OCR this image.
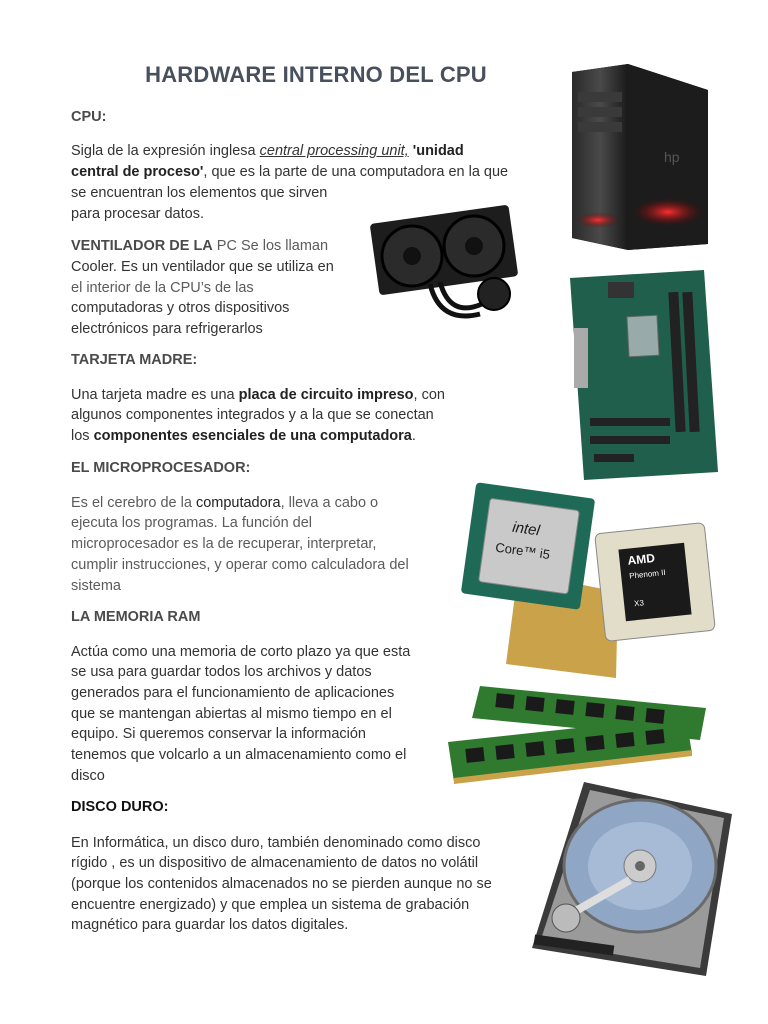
HARDWARE INTERNO DEL CPU
CPU:
Sigla de la expresión inglesa central processing unit, 'unidad
central de proceso', que es la parte de una computadora en la que
se encuentran los elementos que sirven
para procesar datos.
VENTILADOR DE LA PC Se los llaman
Cooler. Es un ventilador que se utiliza en
el interior de la CPU’s de las
computadoras y otros dispositivos
electrónicos para refrigerarlos
TARJETA MADRE:
Una tarjeta madre es una placa de circuito impreso, con
algunos componentes integrados y a la que se conectan
los componentes esenciales de una computadora.
EL MICROPROCESADOR:
Es el cerebro de la computadora, lleva a cabo o
ejecuta los programas. La función del
microprocesador es la de recuperar, interpretar,
cumplir instrucciones, y operar como calculadora del
sistema
LA MEMORIA RAM
Actúa como una memoria de corto plazo ya que esta
se usa para guardar todos los archivos y datos
generados para el funcionamiento de aplicaciones
que se mantengan abiertas al mismo tiempo en el
equipo. Si queremos conservar la información
tenemos que volcarlo a un almacenamiento como el
disco
DISCO DURO:
En Informática, un disco duro, también denominado como disco
rígido , es un dispositivo de almacenamiento de datos no volátil
(porque los contenidos almacenados no se pierden aunque no se
encuentre energizado) y que emplea un sistema de grabación
magnético para guardar los datos digitales.
hp
intel
Core™ i5	AMD
Phenom II
X3
